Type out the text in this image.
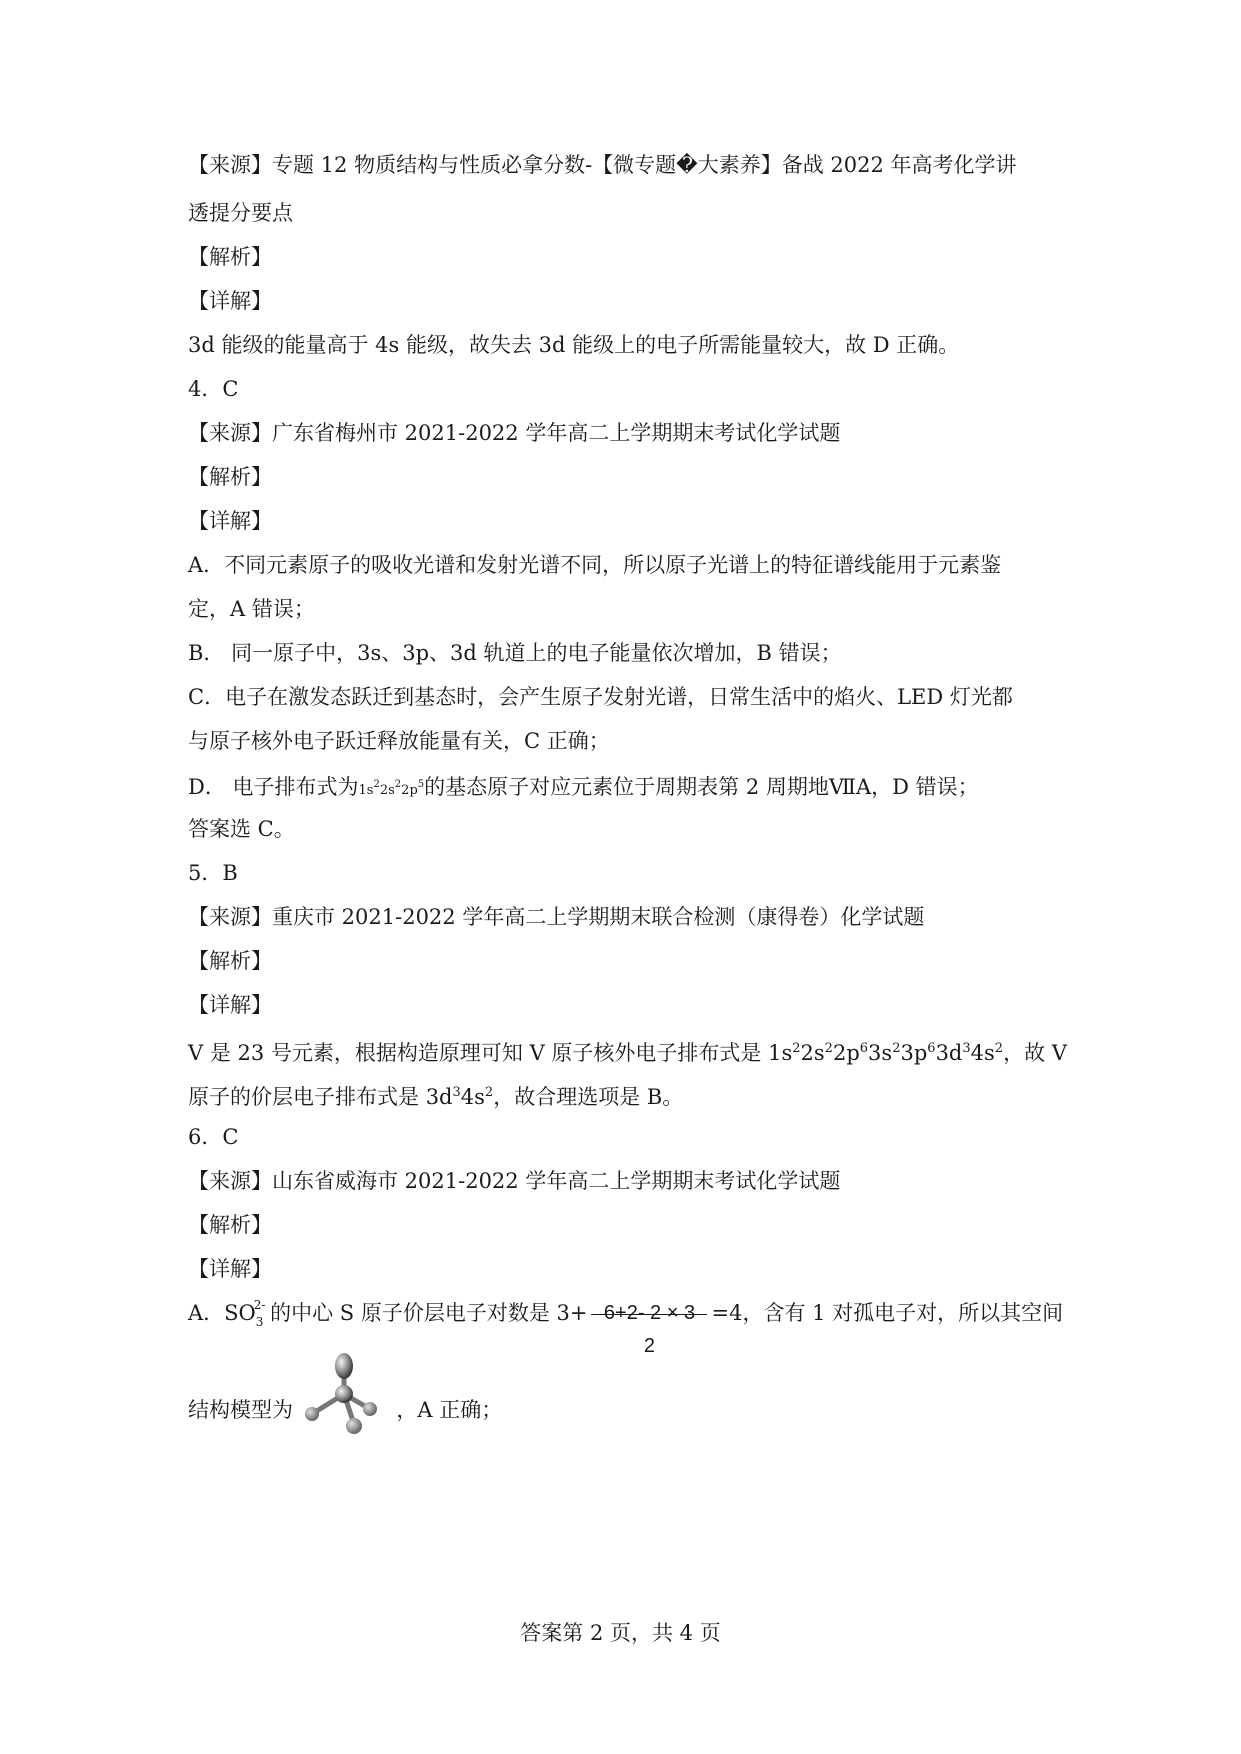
【来源】专题 12 物质结构与性质必拿分数-【微专题�大素养】备战 2022 年高考化学讲
透提分要点
【解析】
【详解】
3d 能级的能量高于 4s 能级，故失去 3d 能级上的电子所需能量较大，故 D 正确。
4．C
【来源】广东省梅州市 2021-2022 学年高二上学期期末考试化学试题
【解析】
【详解】
A．不同元素原子的吸收光谱和发射光谱不同，所以原子光谱上的特征谱线能用于元素鉴
定，A 错误；
B． 同一原子中，3s、3p、3d 轨道上的电子能量依次增加，B 错误；
C．电子在激发态跃迁到基态时，会产生原子发射光谱，日常生活中的焰火、LED 灯光都
与原子核外电子跃迁释放能量有关，C 正确；
D． 电子排布式为$1s^22s^22p^5$的基态原子对应元素位于周期表第 2 周期地ⅦA，D 错误；
答案选 C。
5．B
【来源】重庆市 2021-2022 学年高二上学期期末联合检测（康得卷）化学试题
【解析】
【详解】
V 是 23 号元素，根据构造原理可知 V 原子核外电子排布式是 $1s^22s^22p^63s^23p^63d^34s^2$，故 V
原子的价层电子排布式是 $3d^34s^2$，故合理选项是 B。
6．C
【来源】山东省威海市 2021-2022 学年高二上学期期末考试化学试题
【解析】
【详解】
A．$SO_3$
2- 的中心 S 原子价层电子对数是 3+ 6+2- 2 × 3
2
=4，含有 1 对孤电子对，所以其空间
结构模型为	，A 正确；
答案第 2 页，共 4 页
